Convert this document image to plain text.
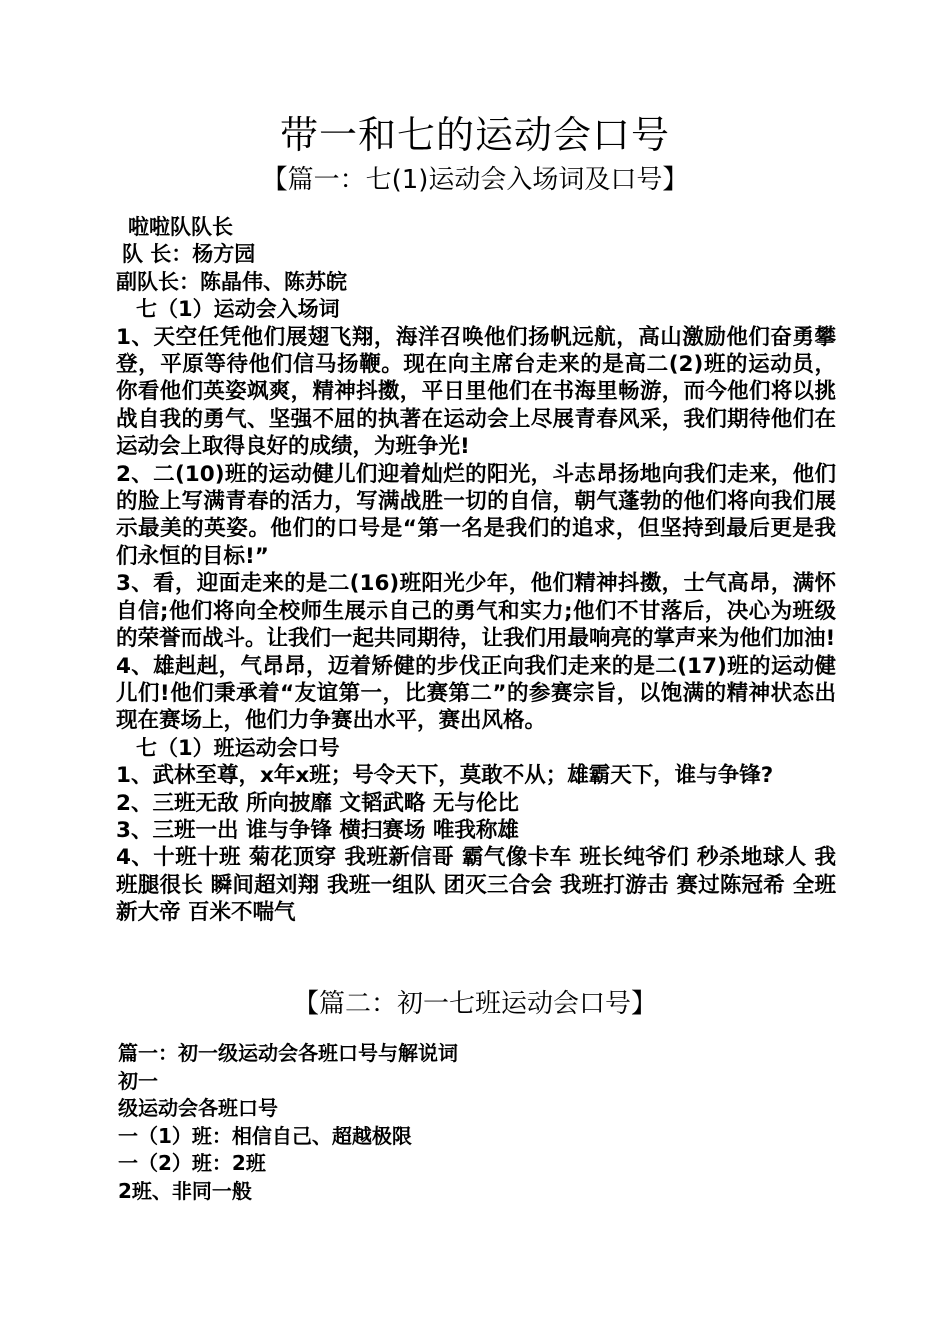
带一和七的运动会口号
【篇一：七(1)运动会入场词及口号】
啦啦队队长
队 长：杨方园
副队长：陈晶伟、陈苏皖
七（1）运动会入场词
1、天空任凭他们展翅飞翔，海洋召唤他们扬帆远航，高山激励他们奋勇攀登，平原等待他们信马扬鞭。现在向主席台走来的是高二(2)班的运动员，你看他们英姿飒爽，精神抖擞，平日里他们在书海里畅游，而今他们将以挑战自我的勇气、坚强不屈的执著在运动会上尽展青春风采，我们期待他们在运动会上取得良好的成绩，为班争光!
2、二(10)班的运动健儿们迎着灿烂的阳光，斗志昂扬地向我们走来，他们的脸上写满青春的活力，写满战胜一切的自信，朝气蓬勃的他们将向我们展示最美的英姿。他们的口号是“第一名是我们的追求，但坚持到最后更是我们永恒的目标!”
3、看，迎面走来的是二(16)班阳光少年，他们精神抖擞，士气高昂，满怀自信;他们将向全校师生展示自己的勇气和实力;他们不甘落后，决心为班级的荣誉而战斗。让我们一起共同期待，让我们用最响亮的掌声来为他们加油!
4、雄赳赳，气昂昂，迈着矫健的步伐正向我们走来的是二(17)班的运动健儿们!他们秉承着“友谊第一，比赛第二”的参赛宗旨，以饱满的精神状态出现在赛场上，他们力争赛出水平，赛出风格。
七（1）班运动会口号
1、武林至尊，x年x班；号令天下，莫敢不从；雄霸天下，谁与争锋?
2、三班无敌 所向披靡 文韬武略 无与伦比
3、三班一出 谁与争锋 横扫赛场 唯我称雄
4、十班十班 菊花顶穿 我班新信哥 霸气像卡车 班长纯爷们 秒杀地球人 我班腿很长 瞬间超刘翔 我班一组队 团灭三合会 我班打游击 赛过陈冠希 全班新大帝 百米不喘气
【篇二：初一七班运动会口号】
篇一：初一级运动会各班口号与解说词
初一
级运动会各班口号
一（1）班：相信自己、超越极限
一（2）班：2班
2班、非同一般
